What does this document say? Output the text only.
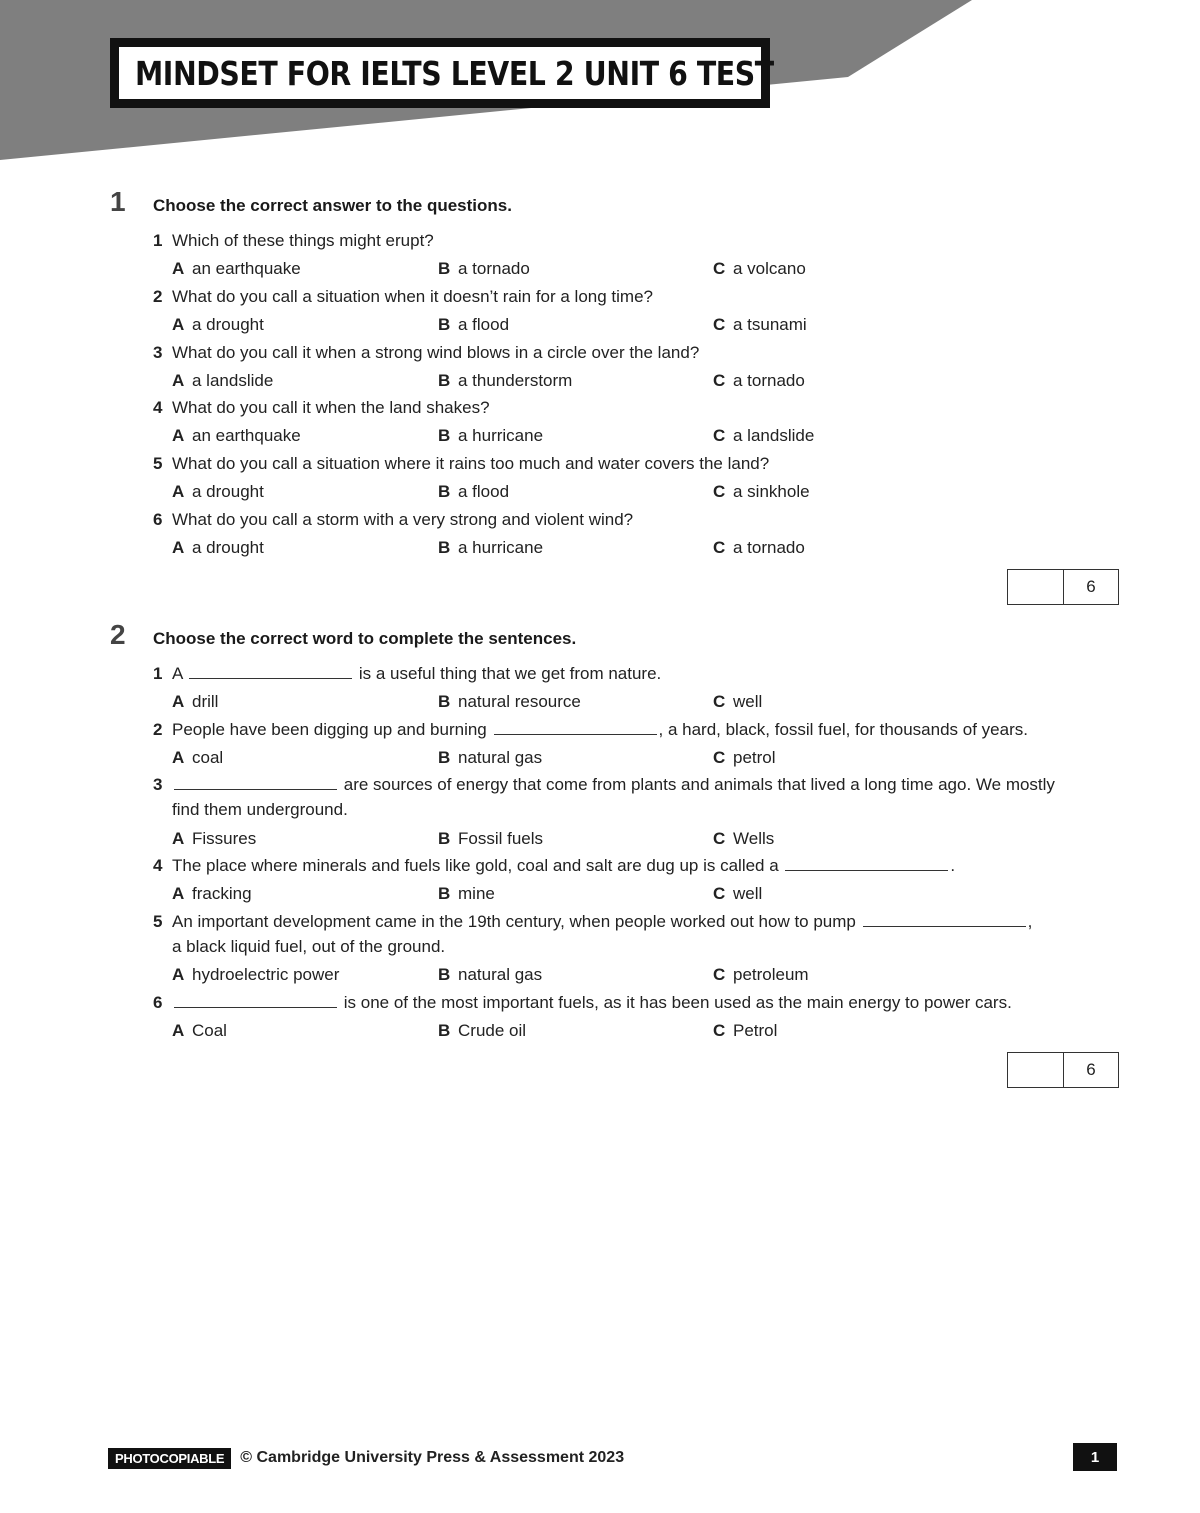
MINDSET FOR IELTS LEVEL 2 UNIT 6 TEST
1 Choose the correct answer to the questions.
2 Choose the correct word to complete the sentences.
6
6
1 Which of these things might erupt?
A an earthquake	B a tornado	C a volcano
2 What do you call a situation when it doesn’t rain for a long time?
A a drought	B a flood	C a tsunami
3 What do you call it when a strong wind blows in a circle over the land?
A a landslide	B a thunderstorm	C a tornado
4 What do you call it when the land shakes?
A an earthquake	B a hurricane	C a landslide
5 What do you call a situation where it rains too much and water covers the land?
A a drought	B a flood	C a sinkhole
6 What do you call a storm with a very strong and violent wind?
A a drought	B a hurricane	C a tornado
1 A	is a useful thing that we get from nature.
A drill	B natural resource	C well
2 People have been digging up and burning	, a hard, black, fossil fuel, for thousands of years.
A coal	B natural gas	C petrol
3	are sources of energy that come from plants and animals that lived a long time ago. We mostly
find them underground.
A Fissures	B Fossil fuels	C Wells
4 The place where minerals and fuels like gold, coal and salt are dug up is called a	.
A fracking	B mine	C well
5 An important development came in the 19th century, when people worked out how to pump	,
a black liquid fuel, out of the ground.
A hydroelectric power	B natural gas	C petroleum
6	is one of the most important fuels, as it has been used as the main energy to power cars.
A Coal	B Crude oil	C Petrol
PHOTOCOPIABLE	© Cambridge University Press & Assessment 2023	1
